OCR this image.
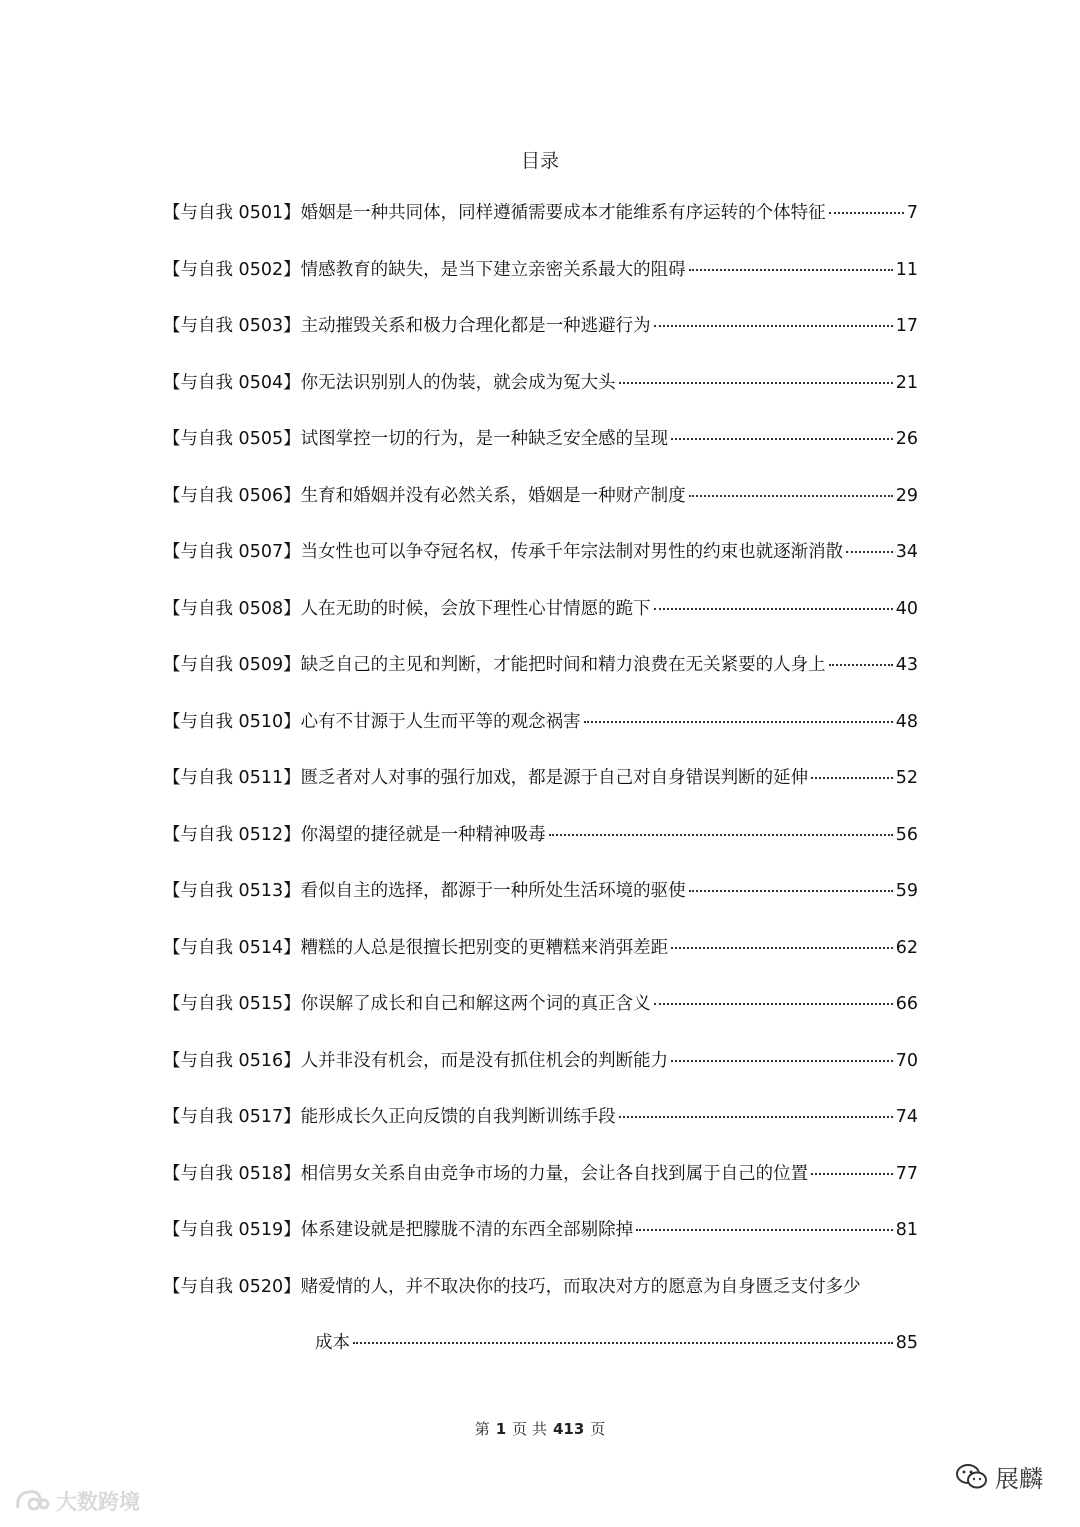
目录
【与自我 0501】 婚姻是一种共同体，同样遵循需要成本才能维系有序运转的个体特征	7
【与自我 0502】 情感教育的缺失，是当下建立亲密关系最大的阻碍	11
【与自我 0503】 主动摧毁关系和极力合理化都是一种逃避行为	17
【与自我 0504】 你无法识别别人的伪装，就会成为冤大头	21
【与自我 0505】 试图掌控一切的行为，是一种缺乏安全感的呈现	26
【与自我 0506】 生育和婚姻并没有必然关系，婚姻是一种财产制度	29
【与自我 0507】 当女性也可以争夺冠名权，传承千年宗法制对男性的约束也就逐渐消散	34
【与自我 0508】 人在无助的时候，会放下理性心甘情愿的跪下	40
【与自我 0509】 缺乏自己的主见和判断，才能把时间和精力浪费在无关紧要的人身上	43
【与自我 0510】 心有不甘源于人生而平等的观念祸害	48
【与自我 0511】 匮乏者对人对事的强行加戏，都是源于自己对自身错误判断的延伸	52
【与自我 0512】 你渴望的捷径就是一种精神吸毒	56
【与自我 0513】 看似自主的选择，都源于一种所处生活环境的驱使	59
【与自我 0514】 糟糕的人总是很擅长把别变的更糟糕来消弭差距	62
【与自我 0515】 你误解了成长和自己和解这两个词的真正含义	66
【与自我 0516】 人并非没有机会，而是没有抓住机会的判断能力	70
【与自我 0517】 能形成长久正向反馈的自我判断训练手段	74
【与自我 0518】 相信男女关系自由竞争市场的力量，会让各自找到属于自己的位置	77
【与自我 0519】 体系建设就是把朦胧不清的东西全部剔除掉	81
【与自我 0520】 赌爱情的人，并不取决你的技巧，而取决对方的愿意为自身匮乏支付多少
成本	85
第 1 页 共 413 页
大数跨境
展麟
